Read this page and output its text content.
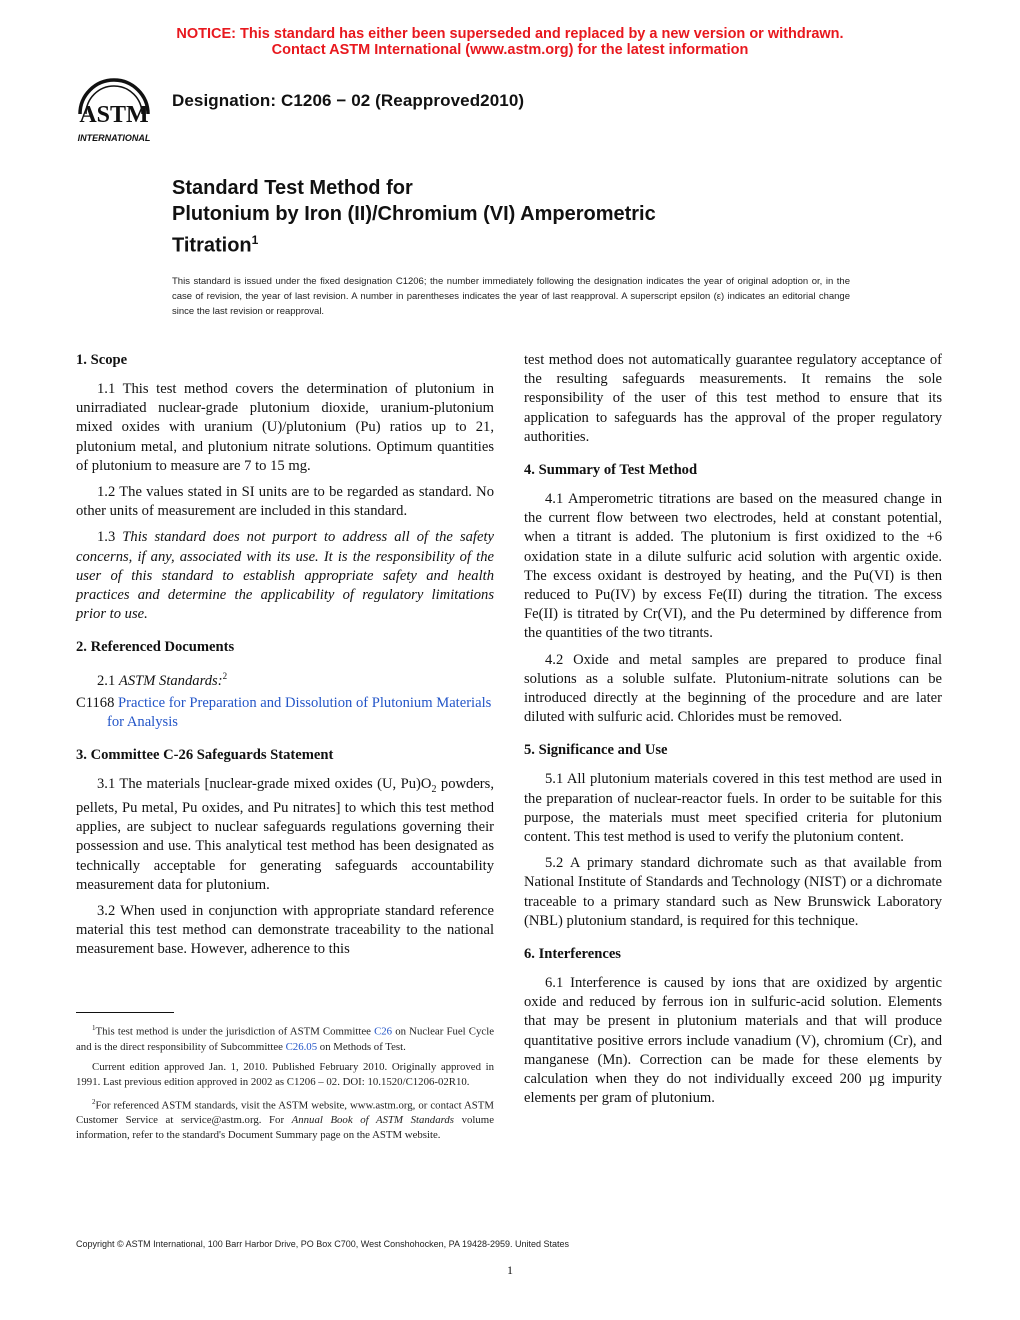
NOTICE: This standard has either been superseded and replaced by a new version or withdrawn.
Contact ASTM International (www.astm.org) for the latest information
ASTM
INTERNATIONAL
Designation: C1206 − 02 (Reapproved2010)
Standard Test Method for
Plutonium by Iron (II)/Chromium (VI) Amperometric
Titration$^1$
This standard is issued under the fixed designation C1206; the number immediately following the designation indicates the year of original adoption or, in the case of revision, the year of last revision. A number in parentheses indicates the year of last reapproval. A superscript epsilon (ε) indicates an editorial change since the last revision or reapproval.
1. Scope

1.1 This test method covers the determination of plutonium in unirradiated nuclear-grade plutonium dioxide, uranium-plutonium mixed oxides with uranium (U)/plutonium (Pu) ratios up to 21, plutonium metal, and plutonium nitrate solutions. Optimum quantities of plutonium to measure are 7 to 15 mg.

1.2 The values stated in SI units are to be regarded as standard. No other units of measurement are included in this standard.

1.3 This standard does not purport to address all of the safety concerns, if any, associated with its use. It is the responsibility of the user of this standard to establish appropriate safety and health practices and determine the applicability of regulatory limitations prior to use.

2. Referenced Documents

2.1 ASTM Standards:$^2$

C1168 Practice for Preparation and Dissolution of Plutonium Materials for Analysis

3. Committee C-26 Safeguards Statement

3.1 The materials [nuclear-grade mixed oxides (U, $Pu)O_2$ powders, pellets, Pu metal, Pu oxides, and Pu nitrates] to which this test method applies, are subject to nuclear safeguards regulations governing their possession and use. This analytical test method has been designated as technically acceptable for generating safeguards accountability measurement data for plutonium.

3.2 When used in conjunction with appropriate standard reference material this test method can demonstrate traceability to the national measurement base. However, adherence to this

$^1$This test method is under the jurisdiction of ASTM Committee C26 on Nuclear Fuel Cycle and is the direct responsibility of Subcommittee C26.05 on Methods of Test.

Current edition approved Jan. 1, 2010. Published February 2010. Originally approved in 1991. Last previous edition approved in 2002 as C1206 – 02. DOI: 10.1520/C1206-02R10.

$^2$For referenced ASTM standards, visit the ASTM website, www.astm.org, or contact ASTM Customer Service at service@astm.org. For Annual Book of ASTM Standards volume information, refer to the standard's Document Summary page on the ASTM website.

test method does not automatically guarantee regulatory acceptance of the resulting safeguards measurements. It remains the sole responsibility of the user of this test method to ensure that its application to safeguards has the approval of the proper regulatory authorities.

4. Summary of Test Method

4.1 Amperometric titrations are based on the measured change in the current flow between two electrodes, held at constant potential, when a titrant is added. The plutonium is first oxidized to the +6 oxidation state in a dilute sulfuric acid solution with argentic oxide. The excess oxidant is destroyed by heating, and the Pu(VI) is then reduced to Pu(IV) by excess Fe(II) during the titration. The excess Fe(II) is titrated by Cr(VI), and the Pu determined by difference from the quantities of the two titrants.

4.2 Oxide and metal samples are prepared to produce final solutions as a soluble sulfate. Plutonium-nitrate solutions can be introduced directly at the beginning of the procedure and are later diluted with sulfuric acid. Chlorides must be removed.

5. Significance and Use

5.1 All plutonium materials covered in this test method are used in the preparation of nuclear-reactor fuels. In order to be suitable for this purpose, the materials must meet specified criteria for plutonium content. This test method is used to verify the plutonium content.

5.2 A primary standard dichromate such as that available from National Institute of Standards and Technology (NIST) or a dichromate traceable to a primary standard such as New Brunswick Laboratory (NBL) plutonium standard, is required for this technique.

6. Interferences

6.1 Interference is caused by ions that are oxidized by argentic oxide and reduced by ferrous ion in sulfuric-acid solution. Elements that may be present in plutonium materials and that will produce quantitative positive errors include vanadium (V), chromium (Cr), and manganese (Mn). Correction can be made for these elements by calculation when they do not individually exceed 200 µg impurity elements per gram of plutonium.

Copyright © ASTM International, 100 Barr Harbor Drive, PO Box C700, West Conshohocken, PA 19428-2959. United States
1
